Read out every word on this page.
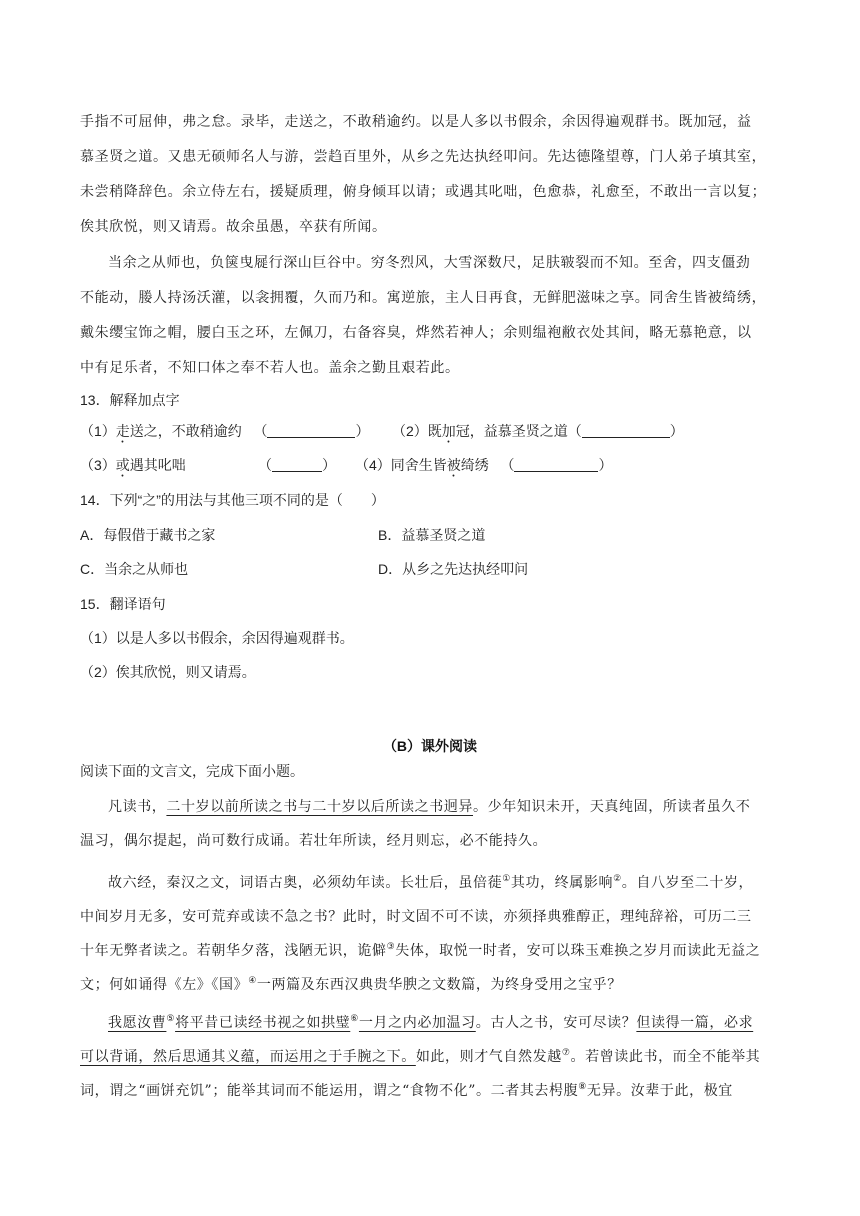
手指不可屈伸，弗之怠。录毕，走送之，不敢稍逾约。以是人多以书假余，余因得遍观群书。既加冠，益
慕圣贤之道。又患无硕师名人与游，尝趋百里外，从乡之先达执经叩问。先达德隆望尊，门人弟子填其室，
未尝稍降辞色。余立侍左右，援疑质理，俯身倾耳以请；或遇其叱咄，色愈恭，礼愈至，不敢出一言以复；
俟其欣悦，则又请焉。故余虽愚，卒获有所闻。
当余之从师也，负箧曳屣行深山巨谷中。穷冬烈风，大雪深数尺，足肤皲裂而不知。至舍，四支僵劲
不能动，媵人持汤沃灌，以衾拥覆，久而乃和。寓逆旅，主人日再食，无鲜肥滋味之享。同舍生皆被绮绣，
戴朱缨宝饰之帽，腰白玉之环，左佩刀，右备容臭，烨然若神人；余则缊袍敝衣处其间，略无慕艳意，以
中有足乐者，不知口体之奉不若人也。盖余之勤且艰若此。
13．解释加点字
（1）走送之，不敢稍逾约   （	） （2）既加冠，益慕圣贤之道（	）
（3）或遇其叱咄	（	） （4）同舍生皆被绮绣   （	）
14．下列“之”的用法与其他三项不同的是（　　）
A．每假借于藏书之家	B．益慕圣贤之道
C．当余之从师也	D．从乡之先达执经叩问
15．翻译语句
（1）以是人多以书假余，余因得遍观群书。
（2）俟其欣悦，则又请焉。
（B）课外阅读
阅读下面的文言文，完成下面小题。
凡读书，二十岁以前所读之书与二十岁以后所读之书迥异。少年知识未开，天真纯固，所读者虽久不
温习，偶尔提起，尚可数行成诵。若壮年所读，经月则忘，必不能持久。
故六经，秦汉之文，词语古奥，必须幼年读。长壮后，虽倍蓰①其功，终属影响②。自八岁至二十岁，
中间岁月无多，安可荒弃或读不急之书？此时，时文固不可不读，亦须择典雅醇正，理纯辞裕，可历二三
十年无弊者读之。若朝华夕落，浅陋无识，诡僻③失体，取悦一时者，安可以珠玉难换之岁月而读此无益之
文；何如诵得《左》《国》④一两篇及东西汉典贵华腴之文数篇，为终身受用之宝乎？
我愿汝曹⑤将平昔已读经书视之如拱璧⑥一月之内必加温习。古人之书，安可尽读？但读得一篇，必求
可以背诵，然后思通其义蕴，而运用之于手腕之下。如此，则才气自然发越⑦。若曾读此书，而全不能举其
词，谓之“画饼充饥”；能举其词而不能运用，谓之“食物不化”。二者其去枵腹⑧无异。汝辈于此，极宜
